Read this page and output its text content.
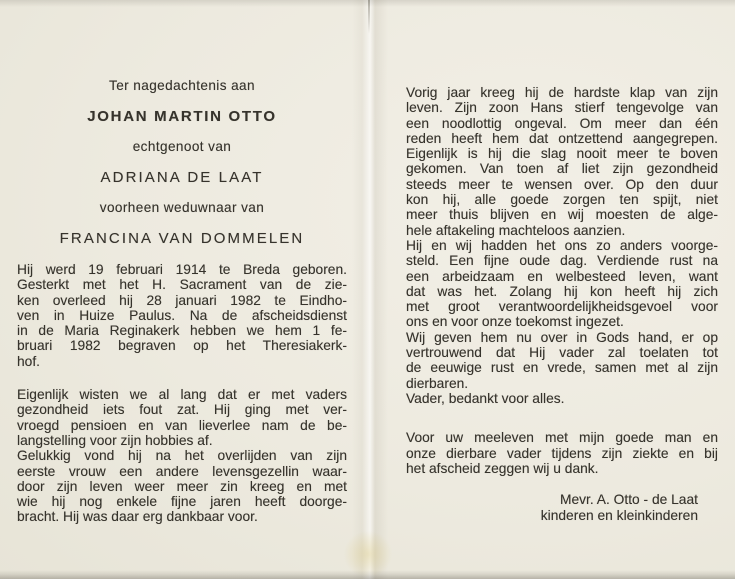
Ter nagedachtenis aan
JOHAN MARTIN OTTO
echtgenoot van
ADRIANA DE LAAT
voorheen weduwnaar van
FRANCINA VAN DOMMELEN
Hij werd 19 februari 1914 te Breda geboren.
Gesterkt met het H. Sacrament van de zie-
ken overleed hij 28 januari 1982 te Eindho-
ven in Huize Paulus. Na de afscheidsdienst
in de Maria Reginakerk hebben we hem 1 fe-
bruari 1982 begraven op het Theresiakerk-
hof.
Eigenlijk wisten we al lang dat er met vaders
gezondheid iets fout zat. Hij ging met ver-
vroegd pensioen en van lieverlee nam de be-
langstelling voor zijn hobbies af.
Gelukkig vond hij na het overlijden van zijn
eerste vrouw een andere levensgezellin waar-
door zijn leven weer meer zin kreeg en met
wie hij nog enkele fijne jaren heeft doorge-
bracht. Hij was daar erg dankbaar voor.
Vorig jaar kreeg hij de hardste klap van zijn
leven. Zijn zoon Hans stierf tengevolge van
een noodlottig ongeval. Om meer dan één
reden heeft hem dat ontzettend aangegrepen.
Eigenlijk is hij die slag nooit meer te boven
gekomen. Van toen af liet zijn gezondheid
steeds meer te wensen over. Op den duur
kon hij, alle goede zorgen ten spijt, niet
meer thuis blijven en wij moesten de alge-
hele aftakeling machteloos aanzien.
Hij en wij hadden het ons zo anders voorge-
steld. Een fijne oude dag. Verdiende rust na
een arbeidzaam en welbesteed leven, want
dat was het. Zolang hij kon heeft hij zich
met groot verantwoordelijkheidsgevoel voor
ons en voor onze toekomst ingezet.
Wij geven hem nu over in Gods hand, er op
vertrouwend dat Hij vader zal toelaten tot
de eeuwige rust en vrede, samen met al zijn
dierbaren.
Vader, bedankt voor alles.
Voor uw meeleven met mijn goede man en
onze dierbare vader tijdens zijn ziekte en bij
het afscheid zeggen wij u dank.
Mevr. A. Otto - de Laat
kinderen en kleinkinderen
